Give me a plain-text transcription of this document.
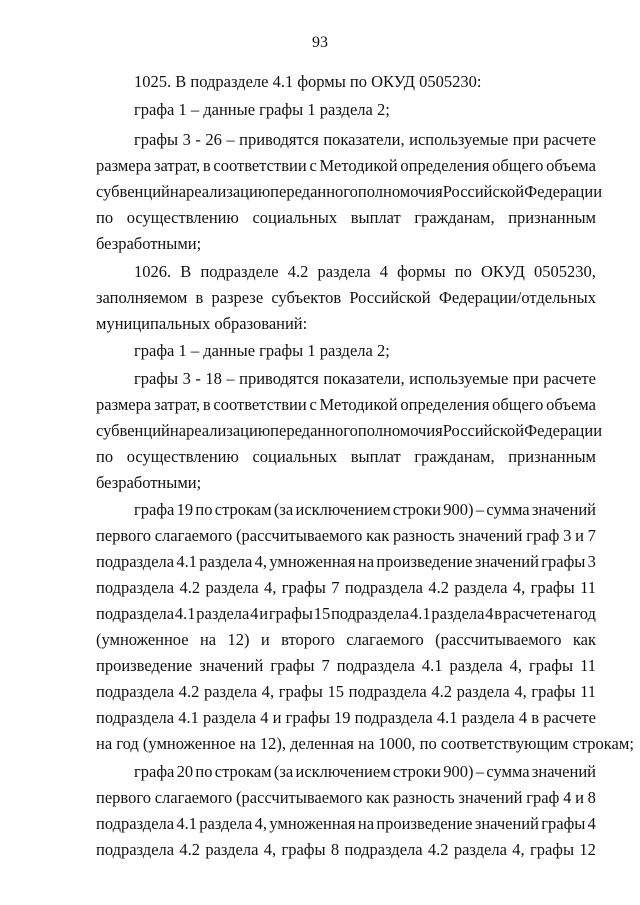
93
1025. В подразделе 4.1 формы по ОКУД 0505230:
графа 1 – данные графы 1 раздела 2;
графы 3 - 26 – приводятся показатели, используемые при расчете
размера затрат, в соответствии с Методикой определения общего объема
субвенций на реализацию переданного полномочия Российской Федерации
по осуществлению социальных выплат гражданам, признанным
безработными;
1026. В подразделе 4.2 раздела 4 формы по ОКУД 0505230,
заполняемом в разрезе субъектов Российской Федерации/отдельных
муниципальных образований:
графа 1 – данные графы 1 раздела 2;
графы 3 - 18 – приводятся показатели, используемые при расчете
размера затрат, в соответствии с Методикой определения общего объема
субвенций на реализацию переданного полномочия Российской Федерации
по осуществлению социальных выплат гражданам, признанным
безработными;
графа 19 по строкам (за исключением строки 900) – сумма значений
первого слагаемого (рассчитываемого как разность значений граф 3 и 7
подраздела 4.1 раздела 4, умноженная на произведение значений графы 3
подраздела 4.2 раздела 4, графы 7 подраздела 4.2 раздела 4, графы 11
подраздела 4.1 раздела 4 и графы 15 подраздела 4.1 раздела 4 в расчете на год
(умноженное на 12) и второго слагаемого (рассчитываемого как
произведение значений графы 7 подраздела 4.1 раздела 4, графы 11
подраздела 4.2 раздела 4, графы 15 подраздела 4.2 раздела 4, графы 11
подраздела 4.1 раздела 4 и графы 19 подраздела 4.1 раздела 4 в расчете
на год (умноженное на 12), деленная на 1000, по соответствующим строкам;
графа 20 по строкам (за исключением строки 900) – сумма значений
первого слагаемого (рассчитываемого как разность значений граф 4 и 8
подраздела 4.1 раздела 4, умноженная на произведение значений графы 4
подраздела 4.2 раздела 4, графы 8 подраздела 4.2 раздела 4, графы 12
